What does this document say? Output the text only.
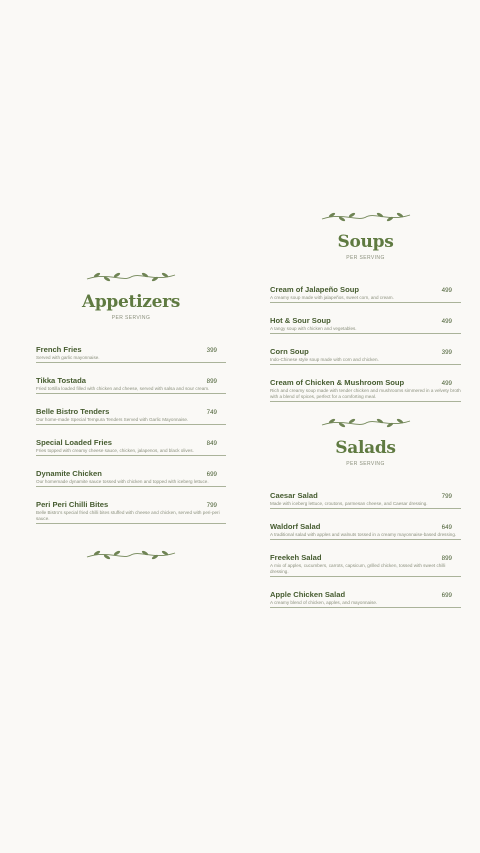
Appetizers
PER SERVING
French Fries	399
Served with garlic mayonnaise.
Tikka Tostada	899
Fried tortilla loaded filled with chicken and cheese, served with salsa and sour cream.
Belle Bistro Tenders	749
Our home-made Special Tempura Tenders Served with Garlic Mayonnaise.
Special Loaded Fries	849
Fries topped with creamy cheese sauce, chicken, jalapenos, and black olives.
Dynamite Chicken	699
Our homemade dynamite sauce tossed with chicken and topped with iceberg lettuce.
Peri Peri Chilli Bites	799
Belle Bistro's special fried chilli bites stuffed with cheese and chicken, served with peri-peri sauce.
Soups
PER SERVING
Cream of Jalapeño Soup	499
A creamy soup made with jalapeños, sweet corn, and cream.
Hot & Sour Soup	499
A tangy soup with chicken and vegetables.
Corn Soup	399
Indo-Chinese style soup made with corn and chicken.
Cream of Chicken & Mushroom Soup	499
Rich and creamy soup made with tender chicken and mushrooms simmered in a velvety broth with a blend of spices, perfect for a comforting meal.
Salads
PER SERVING
Caesar Salad	799
Made with iceberg lettuce, croutons, parmesan cheese, and Caesar dressing.
Waldorf Salad	649
A traditional salad with apples and walnuts tossed in a creamy mayonnaise-based dressing.
Freekeh Salad	899
A mix of apples, cucumbers, carrots, capsicum, grilled chicken, tossed with sweet chilli dressing.
Apple Chicken Salad	699
A creamy blend of chicken, apples, and mayonnaise.
